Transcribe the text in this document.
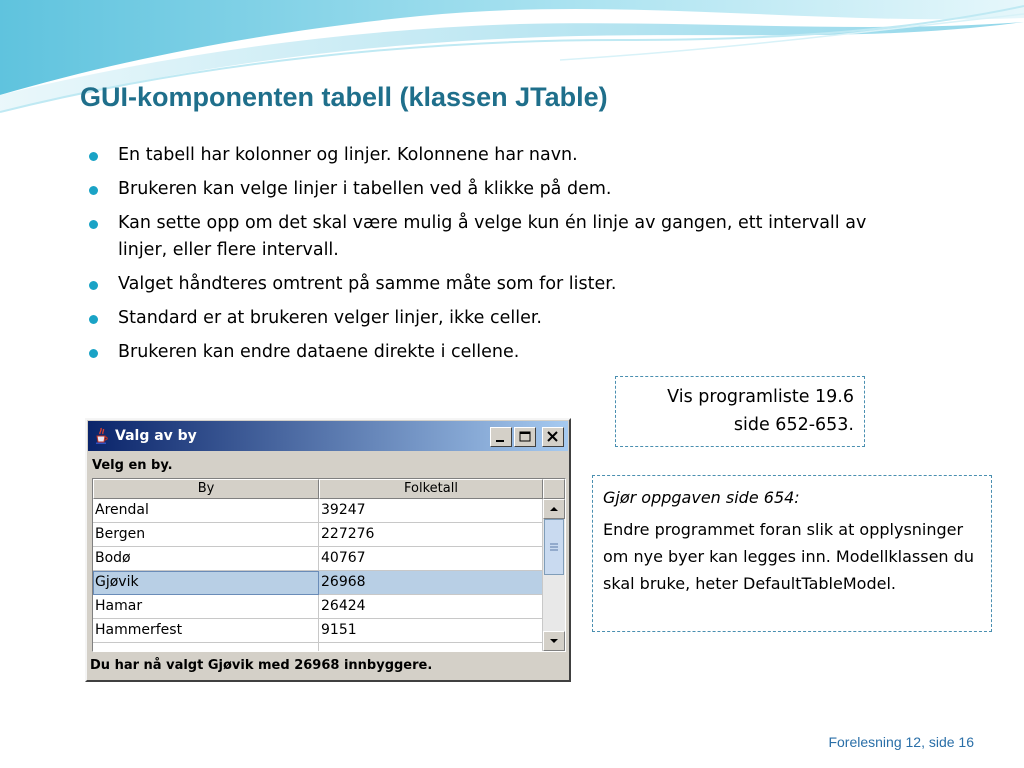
GUI-komponenten tabell (klassen JTable)
En tabell har kolonner og linjer. Kolonnene har navn.
Brukeren kan velge linjer i tabellen ved å klikke på dem.
Kan sette opp om det skal være mulig å velge kun én linje av gangen, ett intervall av linjer, eller flere intervall.
Valget håndteres omtrent på samme måte som for lister.
Standard er at brukeren velger linjer, ikke celler.
Brukeren kan endre dataene direkte i cellene.
Vis programliste 19.6
side 652-653.
Gjør oppgaven side 654:

Endre programmet foran slik at opplysninger om nye byer kan legges inn. Modellklassen du skal bruke, heter DefaultTableModel.

Forelesning 12, side 16
Valg av by
Velg en by.
By	Folketall
Arendal	39247
Bergen	227276
Bodø	40767
Gjøvik	26968
Hamar	26424
Hammerfest	9151
Du har nå valgt Gjøvik med 26968 innbyggere.
